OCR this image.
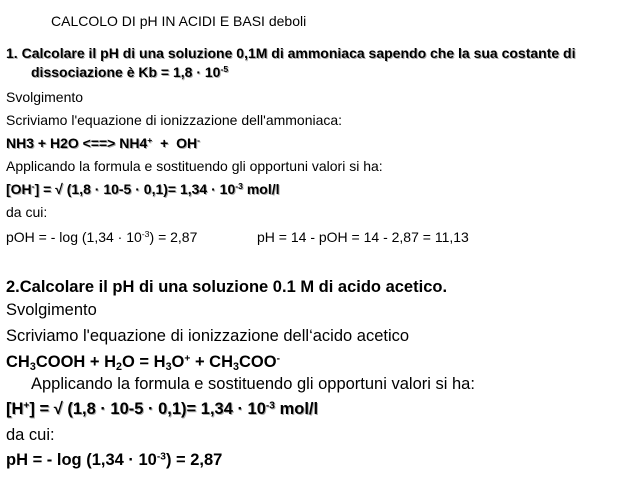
CALCOLO DI pH IN ACIDI E BASI deboli
1. Calcolare il pH di una soluzione 0,1M di ammoniaca sapendo che la sua costante di
dissociazione è $Kb = 1,8 \cdot 10^{-5}$
Svolgimento
Scriviamo l'equazione di ionizzazione dell'ammoniaca:
NH3 + H2O <==> NH4+  +  OH-
Applicando la formula e sostituendo gli opportuni valori si ha:
[OH-] = √ $(1,8 \cdot 10-5 \cdot 0,1)= 1,34 \cdot 10^{-3}$ mol/l
da cui:
pOH = - $\log (1,34 \cdot 10^{-3}) = 2,87$	pH = 14 - pOH = 14 - 2,87 = 11,13
2.Calcolare il pH di una soluzione 0.1 M di acido acetico.
Svolgimento
Scriviamo l'equazione di ionizzazione dell‘acido acetico
$CH_3COOH + H_2O = H_3O^+ + CH_3COO^-$
Applicando la formula e sostituendo gli opportuni valori si ha:
[H+] = √ $(1,8 \cdot 10-5 \cdot 0,1)= 1,34 \cdot 10^{-3}$ mol/l
da cui:
pH = - $\log (1,34 \cdot 10^{-3}) = 2,87$
